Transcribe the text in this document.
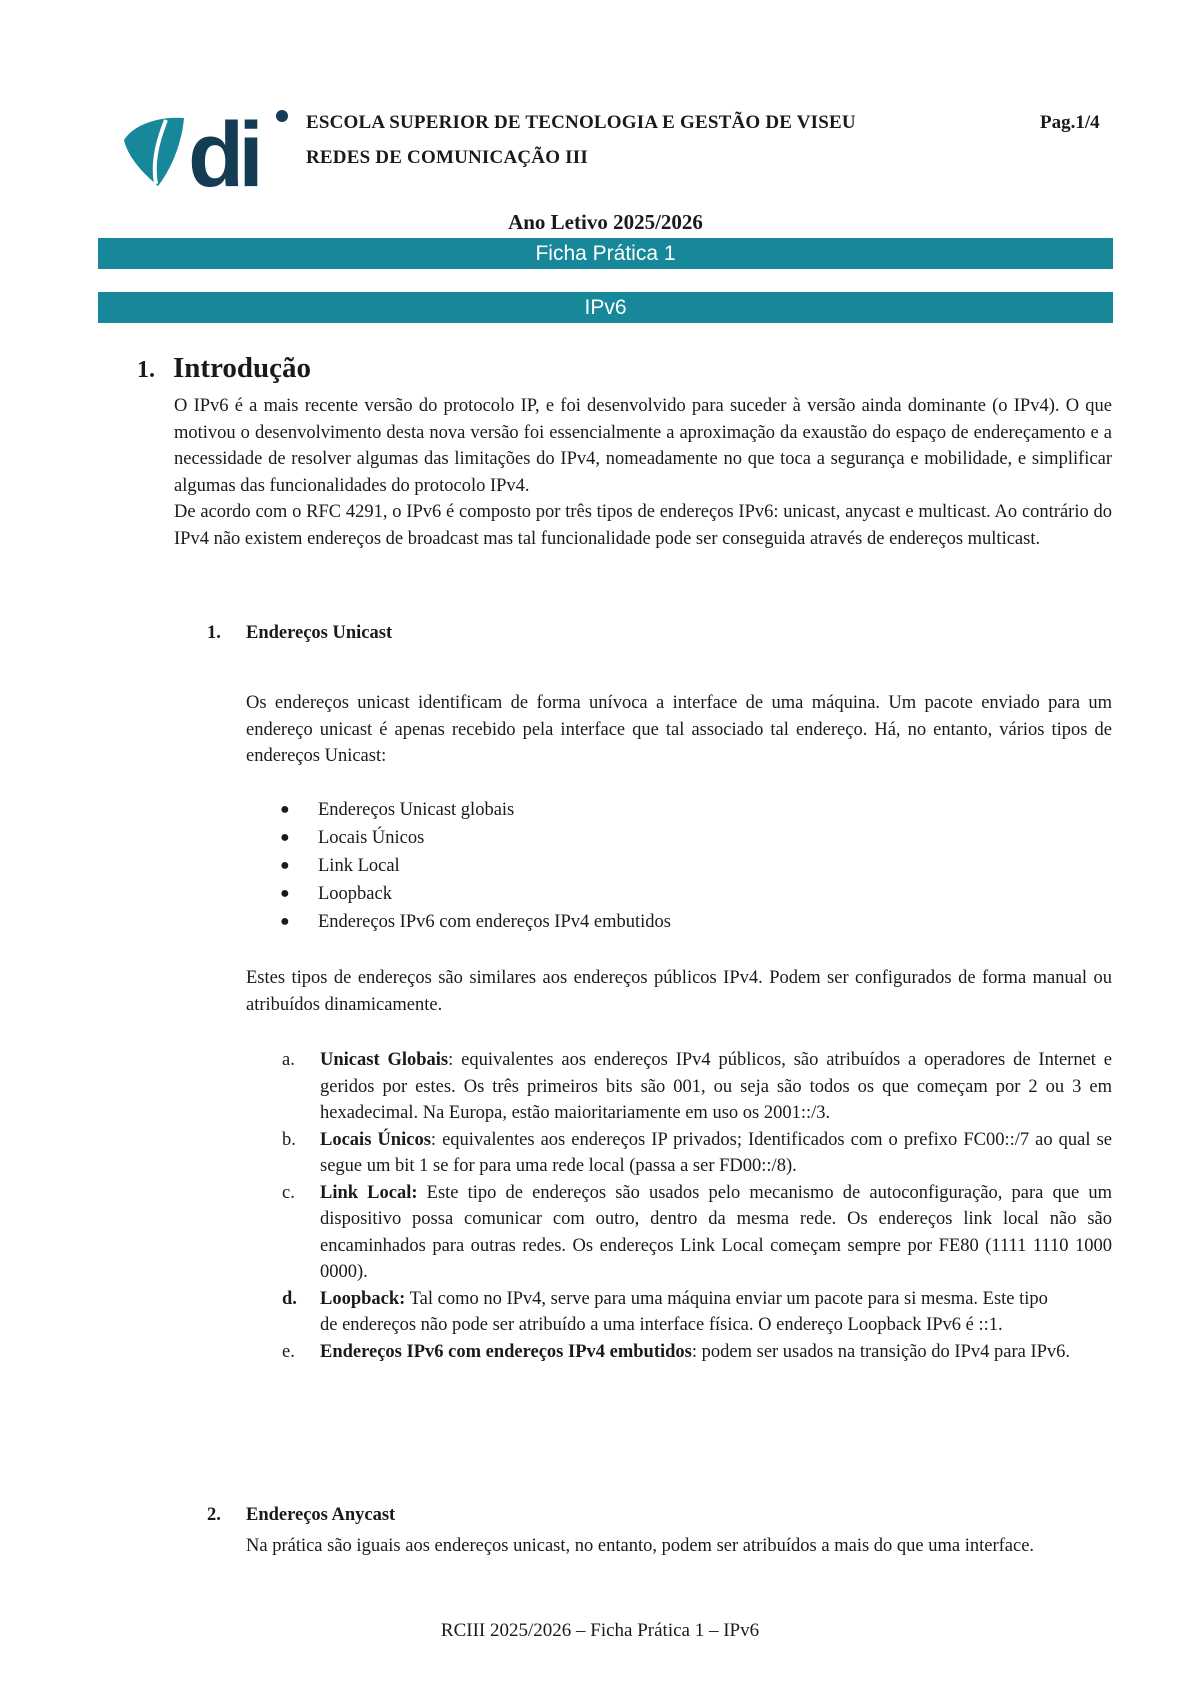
di	ESCOLA SUPERIOR DE TECNOLOGIA E GESTÃO DE VISEU
REDES DE COMUNICAÇÃO III
Pag.1/4
Ano Letivo 2025/2026
Ficha Prática 1
IPv6
1. Introdução

O IPv6 é a mais recente versão do protocolo IP, e foi desenvolvido para suceder à versão ainda dominante (o IPv4). O que motivou o desenvolvimento desta nova versão foi essencialmente a aproximação da exaustão do espaço de endereçamento e a necessidade de resolver algumas das limitações do IPv4, nomeadamente no que toca a segurança e mobilidade, e simplificar algumas das funcionalidades do protocolo IPv4.

De acordo com o RFC 4291, o IPv6 é composto por três tipos de endereços IPv6: unicast, anycast e multicast. Ao contrário do IPv4 não existem endereços de broadcast mas tal funcionalidade pode ser conseguida através de endereços multicast.

1. Endereços Unicast
Os endereços unicast identificam de forma unívoca a interface de uma máquina. Um pacote enviado para um endereço unicast é apenas recebido pela interface que tal associado tal endereço. Há, no entanto, vários tipos de endereços Unicast:
● Endereços Unicast globais
● Locais Únicos
● Link Local
● Loopback
● Endereços IPv6 com endereços IPv4 embutidos
Estes tipos de endereços são similares aos endereços públicos IPv4. Podem ser configurados de forma manual ou atribuídos dinamicamente.
a. Unicast Globais: equivalentes aos endereços IPv4 públicos, são atribuídos a operadores de Internet e geridos por estes. Os três primeiros bits são 001, ou seja são todos os que começam por 2 ou 3 em hexadecimal. Na Europa, estão maioritariamente em uso os 2001::/3.
b. Locais Únicos: equivalentes aos endereços IP privados; Identificados com o prefixo FC00::/7 ao qual se segue um bit 1 se for para uma rede local (passa a ser FD00::/8).
c. Link Local: Este tipo de endereços são usados pelo mecanismo de autoconfiguração, para que um dispositivo possa comunicar com outro, dentro da mesma rede. Os endereços link local não são encaminhados para outras redes. Os endereços Link Local começam sempre por FE80 (1111 1110 1000 0000).
d. Loopback: Tal como no IPv4, serve para uma máquina enviar um pacote para si mesma. Este tipo de endereços não pode ser atribuído a uma interface física. O endereço Loopback IPv6 é ::1.
e. Endereços IPv6 com endereços IPv4 embutidos: podem ser usados na transição do IPv4 para IPv6.
2. Endereços Anycast
Na prática são iguais aos endereços unicast, no entanto, podem ser atribuídos a mais do que uma interface.
RCIII 2025/2026 – Ficha Prática 1 – IPv6
